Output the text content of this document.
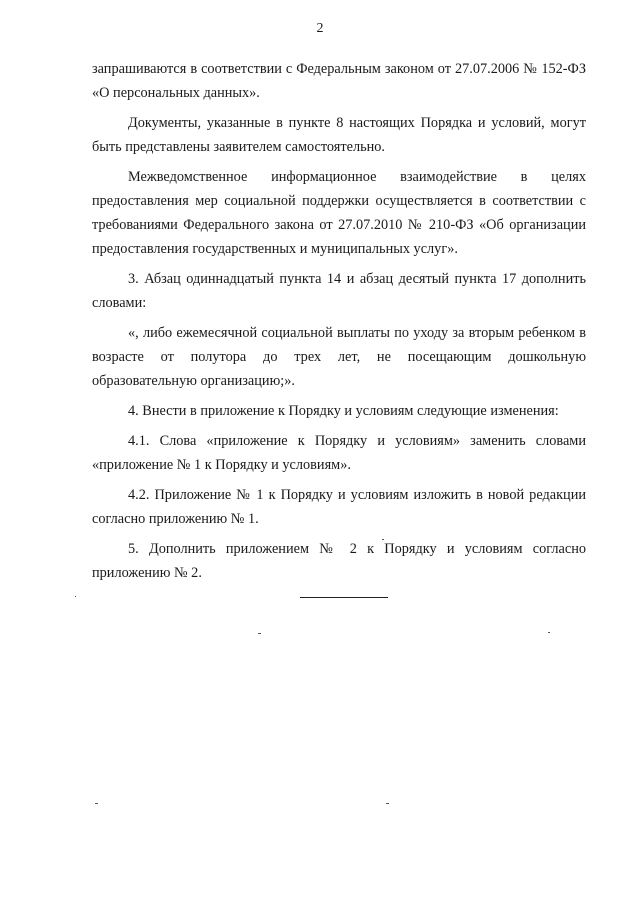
2

запрашиваются в соответствии с Федеральным законом от 27.07.2006 № 152-ФЗ «О персональных данных».

Документы, указанные в пункте 8 настоящих Порядка и условий, могут быть представлены заявителем самостоятельно.

Межведомственное информационное взаимодействие в целях предоставления мер социальной поддержки осуществляется в соответствии с требованиями Федерального закона от 27.07.2010 № 210-ФЗ «Об организации предоставления государственных и муниципальных услуг».

3. Абзац одиннадцатый пункта 14 и абзац десятый пункта 17 дополнить словами:

«, либо ежемесячной социальной выплаты по уходу за вторым ребенком в возрасте от полутора до трех лет, не посещающим дошкольную образовательную организацию;».

4. Внести в приложение к Порядку и условиям следующие изменения:

4.1. Слова «приложение к Порядку и условиям» заменить словами «приложение № 1 к Порядку и условиям».

4.2. Приложение № 1 к Порядку и условиям изложить в новой редакции согласно приложению № 1.

5. Дополнить приложением № 2 к Порядку и условиям согласно приложению № 2.
